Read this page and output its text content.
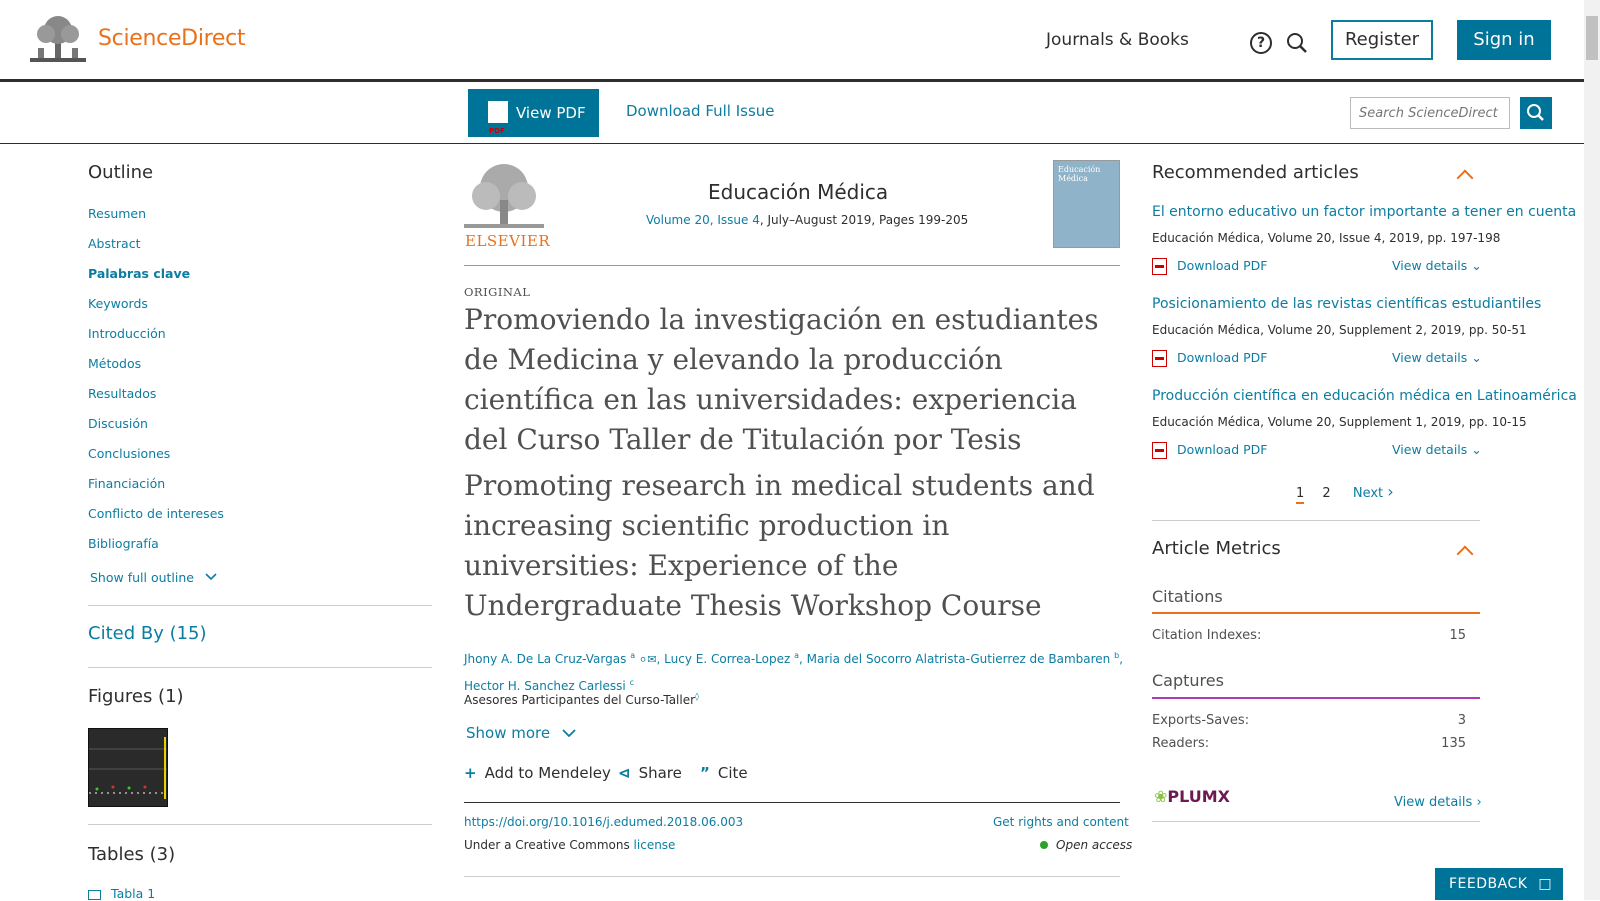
ScienceDirect	Journals & Books	?	Register	Sign in
PDFView PDF	Download Full Issue
Search ScienceDirect
Outline
Resumen
Abstract
Palabras clave
Keywords
Introducción
Métodos
Resultados
Discusión
Conclusiones
Financiación
Conflicto de intereses
Bibliografía
Show full outline
Cited By (15)
Figures (1)
Tables (3)
Tabla 1
ELSEVIER
Educación Médica
Volume 20, Issue 4, July–August 2019, Pages 199-205
Educación Médica
ORIGINAL
Promoviendo la investigación en estudiantes de Medicina y elevando la producción científica en las universidades: experiencia del Curso Taller de Titulación por Tesis
Promoting research in medical students and increasing scientific production in universities: Experience of the Undergraduate Thesis Workshop Course
Jhony A. De La Cruz-Vargas $^a$ ⚪✉, Lucy E. Correa-Lopez $^a$, Maria del Socorro Alatrista-Gutierrez de Bambaren $^b$,
Hector H. Sanchez Carlessi $^c$
Asesores Participantes del Curso-Taller◊
Show more
+ Add to Mendeley ⊲ Share ” Cite
https://doi.org/10.1016/j.edumed.2018.06.003	Get rights and content
Under a Creative Commons license	Open access
Recommended articles
El entorno educativo un factor importante a tener en cuenta
Educación Médica, Volume 20, Issue 4, 2019, pp. 197-198
Download PDF	View details ⌄
Posicionamiento de las revistas científicas estudiantiles
Educación Médica, Volume 20, Supplement 2, 2019, pp. 50-51
Download PDF	View details ⌄
Producción científica en educación médica en Latinoamérica
Educación Médica, Volume 20, Supplement 1, 2019, pp. 10-15
Download PDF	View details ⌄
1 2 Next ›
Article Metrics
Citations
Citation Indexes:	15
Captures
Exports-Saves:	3
Readers:	135
❀PLUMX	View details ›
FEEDBACK □
